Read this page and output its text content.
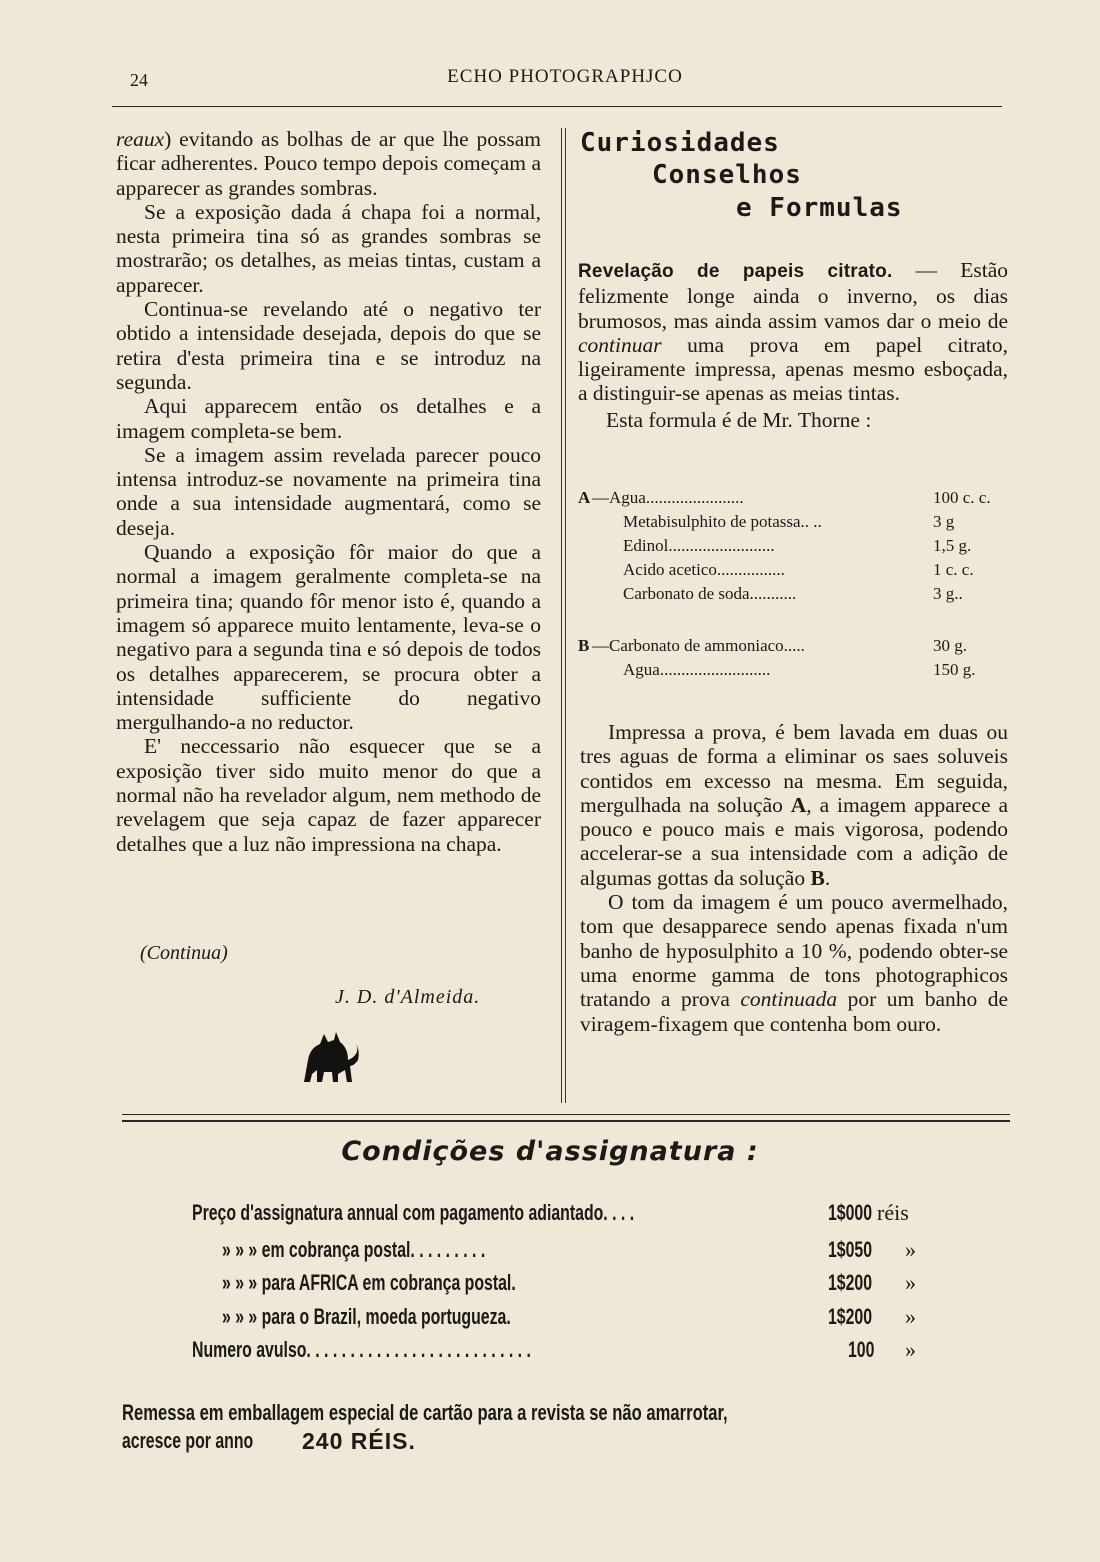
24	ECHO PHOTOGRAPHJCO

reaux) evitando as bolhas de ar que lhe possam ficar adherentes. Pouco tempo depois começam a apparecer as grandes sombras.

Se a exposição dada á chapa foi a normal, nesta primeira tina só as grandes sombras se mostrarão; os detalhes, as meias tintas, custam a apparecer.

Continua-se revelando até o negativo ter obtido a intensidade desejada, depois do que se retira d'esta primeira tina e se introduz na segunda.

Aqui apparecem então os detalhes e a imagem completa-se bem.

Se a imagem assim revelada parecer pouco intensa introduz-se novamente na primeira tina onde a sua intensidade augmentará, como se deseja.

Quando a exposição fôr maior do que a normal a imagem geralmente completa-se na primeira tina; quando fôr menor isto é, quando a imagem só apparece muito lentamente, leva-se o negativo para a segunda tina e só depois de todos os detalhes apparecerem, se procura obter a intensidade sufficiente do negativo mergulhando-a no reductor.

E' neccessario não esquecer que se a exposição tiver sido muito menor do que a normal não ha revelador algum, nem methodo de revelagem que seja capaz de fazer apparecer detalhes que a luz não impressiona na chapa.

(Continua)
J. D. d'Almeida.
Curiosidades
Conselhos
e Formulas

Revelação de papeis citrato. — Estão felizmente longe ainda o inverno, os dias brumosos, mas ainda assim vamos dar o meio de continuar uma prova em papel citrato, ligeiramente impressa, apenas mesmo esboçada, a distinguir-se apenas as meias tintas.

Esta formula é de Mr. Thorne :

A —Agua.......................	100 c. c.
Metabisulphito de potassa.. ..	3 g
Edinol.........................	1,5 g.
Acido acetico................	1 c. c.
Carbonato de soda...........	3 g..
B —Carbonato de ammoniaco.....	30 g.
Agua..........................	150 g.

Impressa a prova, é bem lavada em duas ou tres aguas de forma a eliminar os saes soluveis contidos em excesso na mesma. Em seguida, mergulhada na solução A, a imagem apparece a pouco e pouco mais e mais vigorosa, podendo accelerar-se a sua intensidade com a adição de algumas gottas da solução B.

O tom da imagem é um pouco avermelhado, tom que desapparece sendo apenas fixada n'um banho de hyposulphito a 10 %, podendo obter-se uma enorme gamma de tons photographicos tratando a prova continuada por um banho de viragem-fixagem que contenha bom ouro.

Condições d'assignatura :
Preço d'assignatura annual com pagamento adiantado. . . .	1$000 réis
» » » em cobrança postal. . . . . . . . .	1$050	»
» » » para AFRICA em cobrança postal.	1$200	»
» » » para o Brazil, moeda portugueza.	1$200	»
Numero avulso. . . . . . . . . . . . . . . . . . . . . . . . . .	100	»
Remessa em emballagem especial de cartão para a revista se não amarrotar,
acresce por anno 240 RÉIS.
